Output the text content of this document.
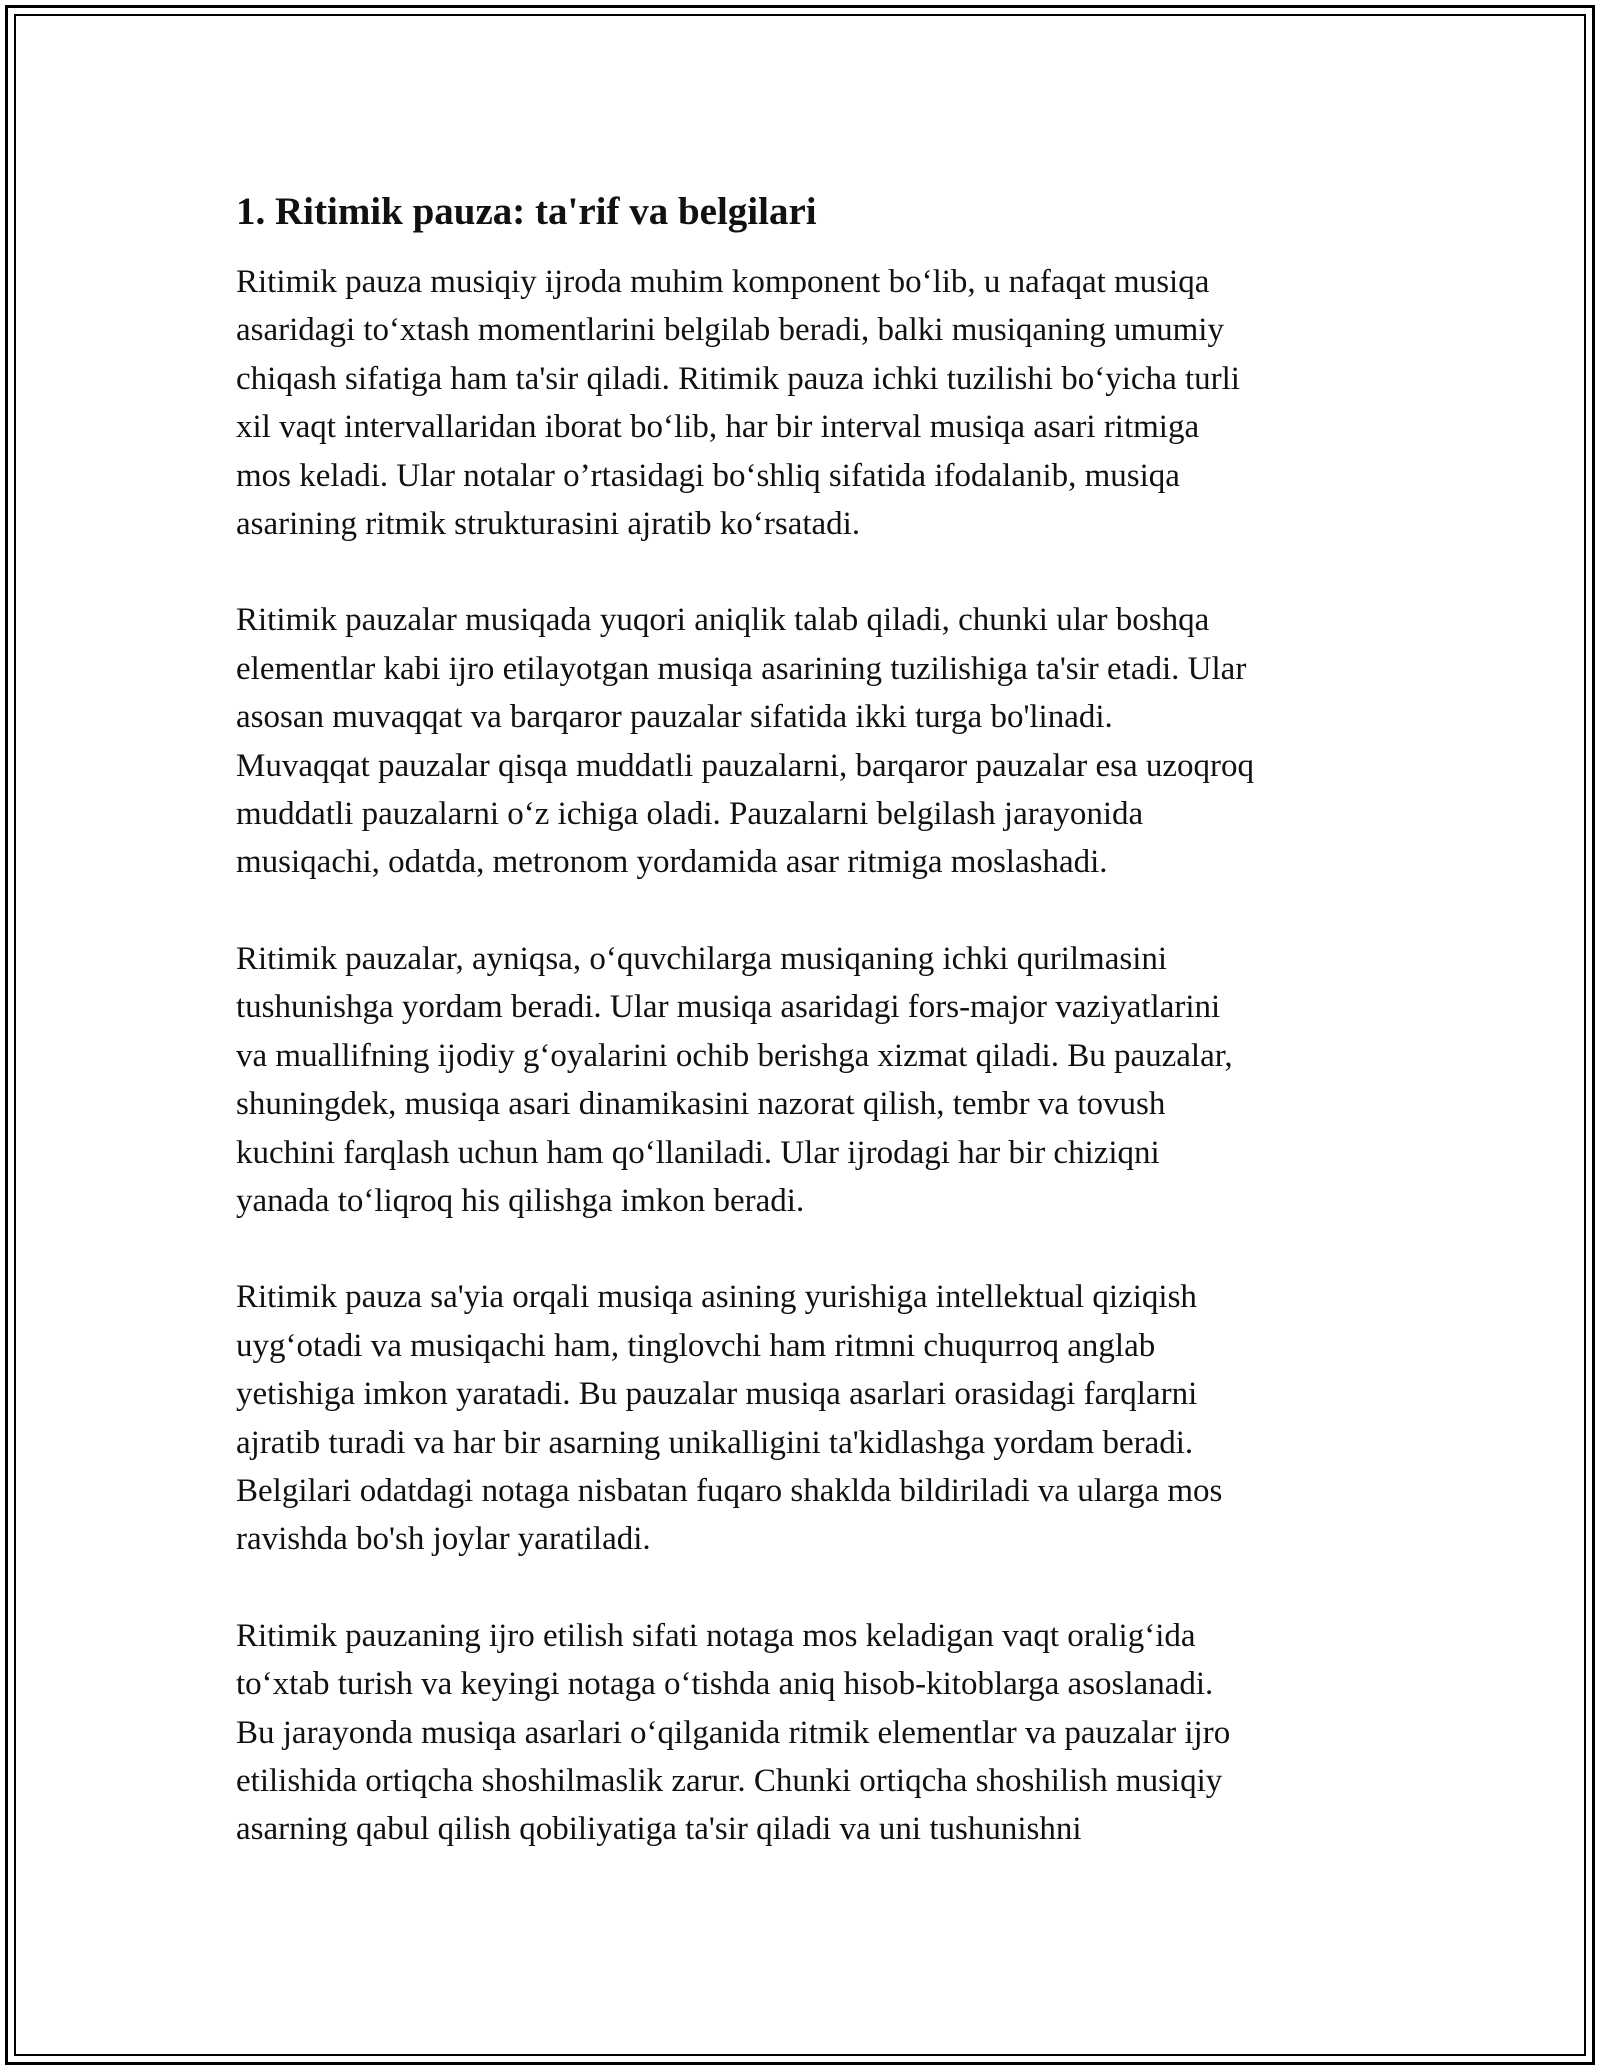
1. Ritimik pauza: ta'rif va belgilari

Ritimik pauza musiqiy ijroda muhim komponent bo‘lib, u nafaqat musiqa
asaridagi to‘xtash momentlarini belgilab beradi, balki musiqaning umumiy
chiqash sifatiga ham ta'sir qiladi. Ritimik pauza ichki tuzilishi bo‘yicha turli
xil vaqt intervallaridan iborat bo‘lib, har bir interval musiqa asari ritmiga
mos keladi. Ular notalar o’rtasidagi bo‘shliq sifatida ifodalanib, musiqa
asarining ritmik strukturasini ajratib ko‘rsatadi.

Ritimik pauzalar musiqada yuqori aniqlik talab qiladi, chunki ular boshqa
elementlar kabi ijro etilayotgan musiqa asarining tuzilishiga ta'sir etadi. Ular
asosan muvaqqat va barqaror pauzalar sifatida ikki turga bo'linadi.
Muvaqqat pauzalar qisqa muddatli pauzalarni, barqaror pauzalar esa uzoqroq
muddatli pauzalarni o‘z ichiga oladi. Pauzalarni belgilash jarayonida
musiqachi, odatda, metronom yordamida asar ritmiga moslashadi.

Ritimik pauzalar, ayniqsa, o‘quvchilarga musiqaning ichki qurilmasini
tushunishga yordam beradi. Ular musiqa asaridagi fors-major vaziyatlarini
va muallifning ijodiy g‘oyalarini ochib berishga xizmat qiladi. Bu pauzalar,
shuningdek, musiqa asari dinamikasini nazorat qilish, tembr va tovush
kuchini farqlash uchun ham qo‘llaniladi. Ular ijrodagi har bir chiziqni
yanada to‘liqroq his qilishga imkon beradi.

Ritimik pauza sa'yia orqali musiqa asining yurishiga intellektual qiziqish
uyg‘otadi va musiqachi ham, tinglovchi ham ritmni chuqurroq anglab
yetishiga imkon yaratadi. Bu pauzalar musiqa asarlari orasidagi farqlarni
ajratib turadi va har bir asarning unikalligini ta'kidlashga yordam beradi.
Belgilari odatdagi notaga nisbatan fuqaro shaklda bildiriladi va ularga mos
ravishda bo'sh joylar yaratiladi.

Ritimik pauzaning ijro etilish sifati notaga mos keladigan vaqt oralig‘ida
to‘xtab turish va keyingi notaga o‘tishda aniq hisob-kitoblarga asoslanadi.
Bu jarayonda musiqa asarlari o‘qilganida ritmik elementlar va pauzalar ijro
etilishida ortiqcha shoshilmaslik zarur. Chunki ortiqcha shoshilish musiqiy
asarning qabul qilish qobiliyatiga ta'sir qiladi va uni tushunishni
